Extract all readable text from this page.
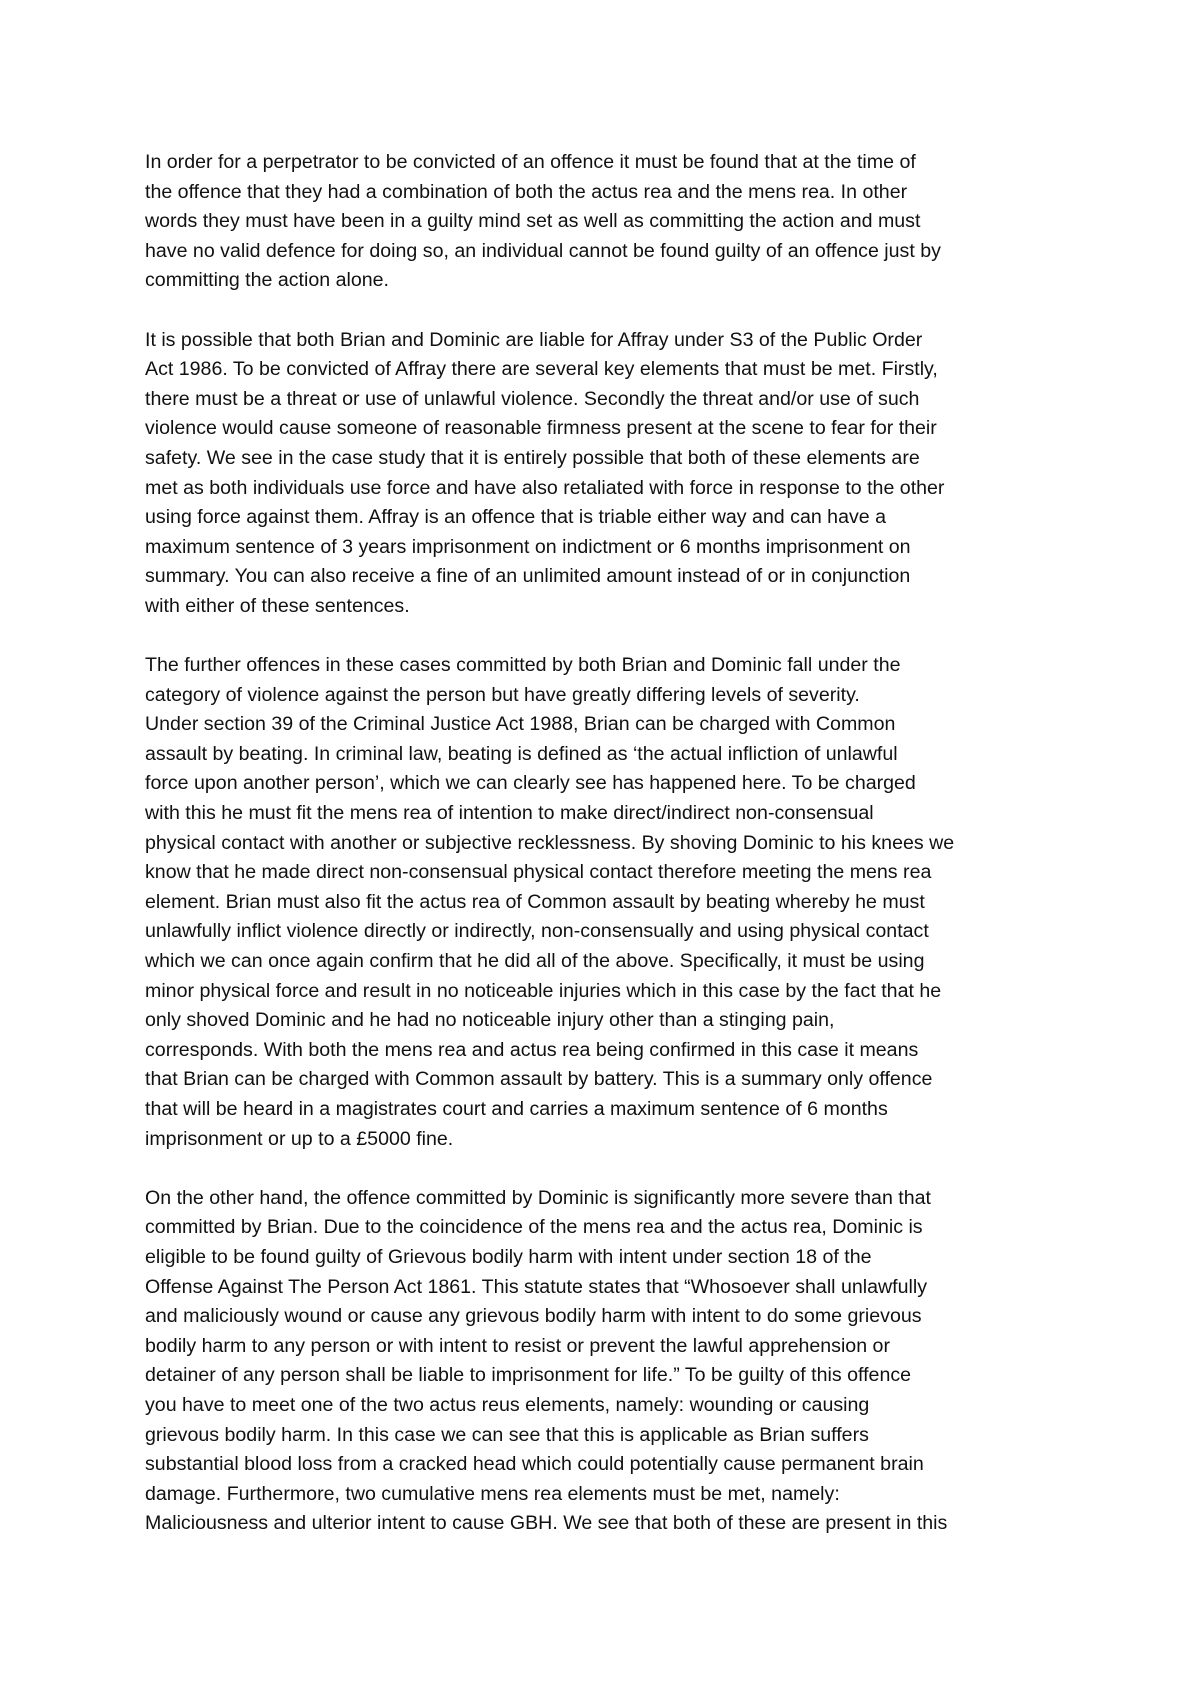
In order for a perpetrator to be convicted of an offence it must be found that at the time of
the offence that they had a combination of both the actus rea and the mens rea. In other
words they must have been in a guilty mind set as well as committing the action and must
have no valid defence for doing so, an individual cannot be found guilty of an offence just by
committing the action alone.

It is possible that both Brian and Dominic are liable for Affray under S3 of the Public Order
Act 1986. To be convicted of Affray there are several key elements that must be met. Firstly,
there must be a threat or use of unlawful violence. Secondly the threat and/or use of such
violence would cause someone of reasonable firmness present at the scene to fear for their
safety. We see in the case study that it is entirely possible that both of these elements are
met as both individuals use force and have also retaliated with force in response to the other
using force against them. Affray is an offence that is triable either way and can have a
maximum sentence of 3 years imprisonment on indictment or 6 months imprisonment on
summary. You can also receive a fine of an unlimited amount instead of or in conjunction
with either of these sentences.

The further offences in these cases committed by both Brian and Dominic fall under the
category of violence against the person but have greatly differing levels of severity.
Under section 39 of the Criminal Justice Act 1988, Brian can be charged with Common
assault by beating. In criminal law, beating is defined as ‘the actual infliction of unlawful
force upon another person’, which we can clearly see has happened here. To be charged
with this he must fit the mens rea of intention to make direct/indirect non-consensual
physical contact with another or subjective recklessness. By shoving Dominic to his knees we
know that he made direct non-consensual physical contact therefore meeting the mens rea
element. Brian must also fit the actus rea of Common assault by beating whereby he must
unlawfully inflict violence directly or indirectly, non-consensually and using physical contact
which we can once again confirm that he did all of the above. Specifically, it must be using
minor physical force and result in no noticeable injuries which in this case by the fact that he
only shoved Dominic and he had no noticeable injury other than a stinging pain,
corresponds. With both the mens rea and actus rea being confirmed in this case it means
that Brian can be charged with Common assault by battery. This is a summary only offence
that will be heard in a magistrates court and carries a maximum sentence of 6 months
imprisonment or up to a £5000 fine.

On the other hand, the offence committed by Dominic is significantly more severe than that
committed by Brian. Due to the coincidence of the mens rea and the actus rea, Dominic is
eligible to be found guilty of Grievous bodily harm with intent under section 18 of the
Offense Against The Person Act 1861. This statute states that “Whosoever shall unlawfully
and maliciously wound or cause any grievous bodily harm with intent to do some grievous
bodily harm to any person or with intent to resist or prevent the lawful apprehension or
detainer of any person shall be liable to imprisonment for life.” To be guilty of this offence
you have to meet one of the two actus reus elements, namely: wounding or causing
grievous bodily harm. In this case we can see that this is applicable as Brian suffers
substantial blood loss from a cracked head which could potentially cause permanent brain
damage. Furthermore, two cumulative mens rea elements must be met, namely:
Maliciousness and ulterior intent to cause GBH. We see that both of these are present in this
